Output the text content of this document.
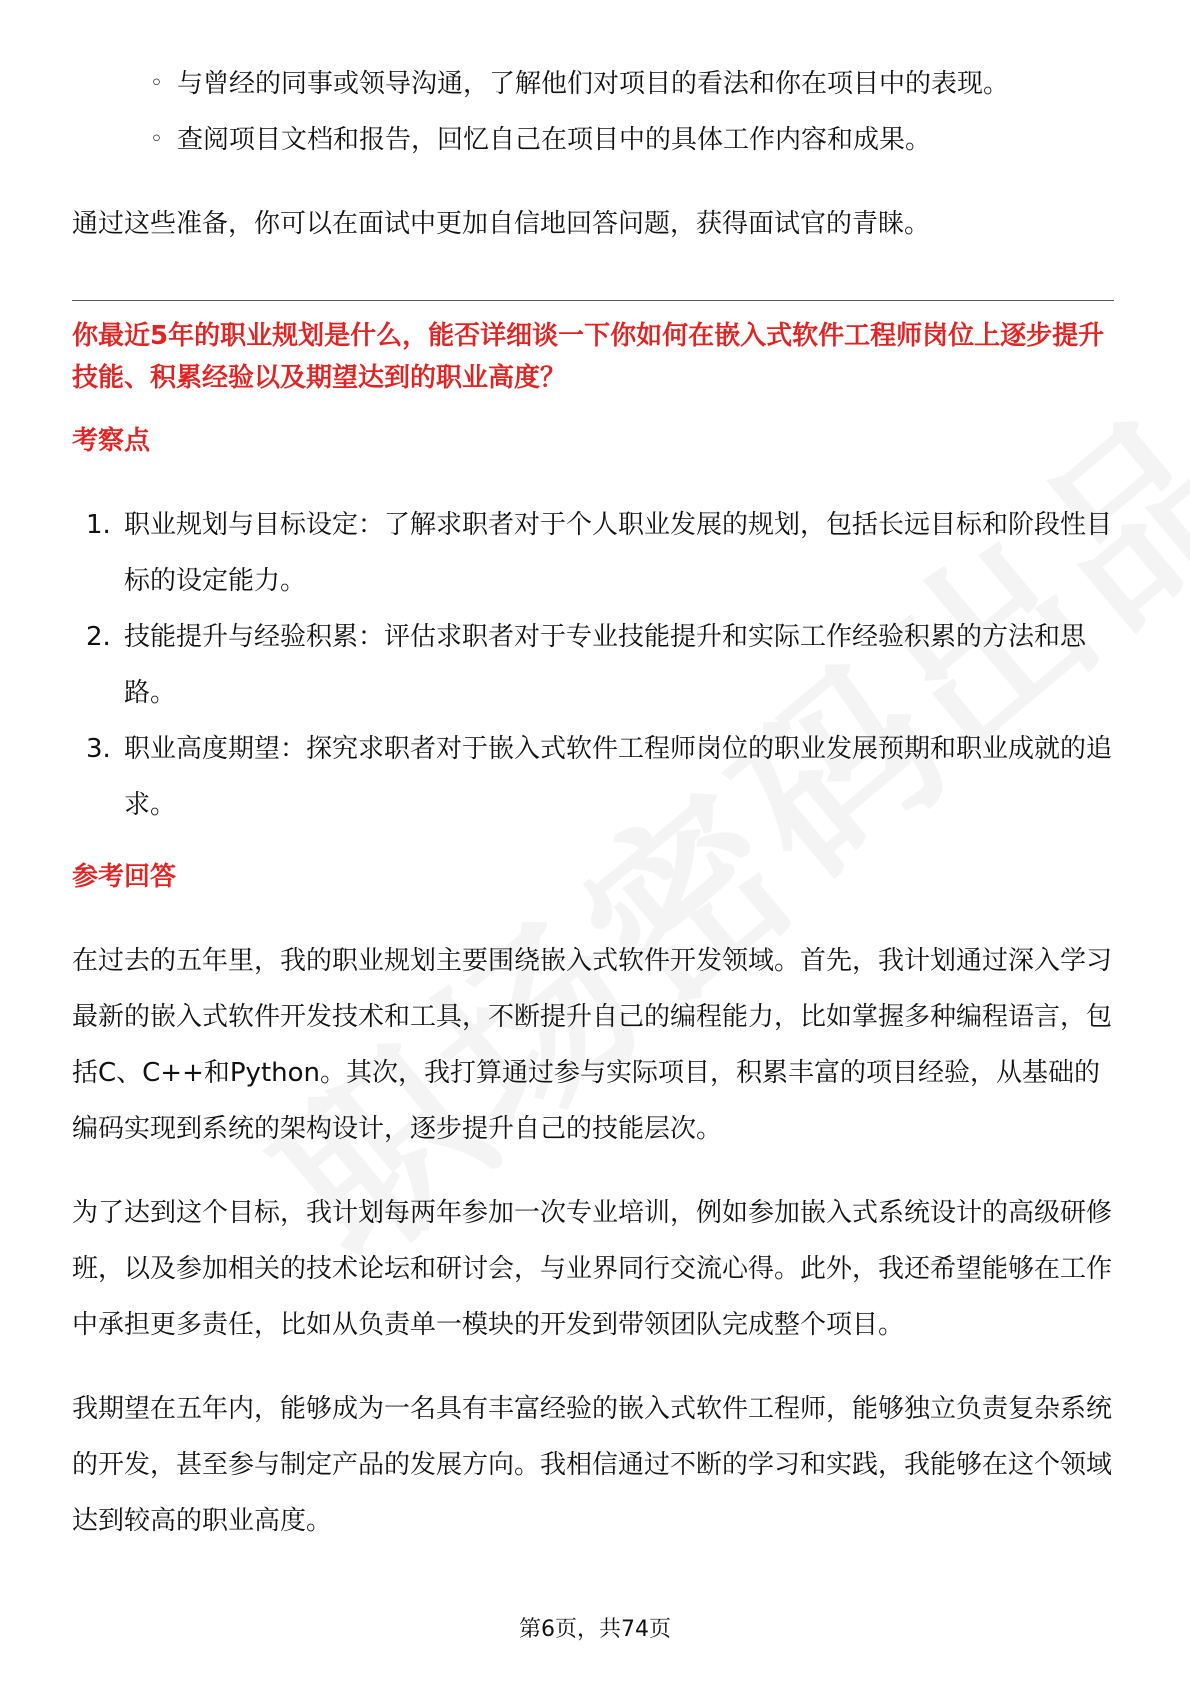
◦ 与曾经的同事或领导沟通，了解他们对项目的看法和你在项目中的表现。
◦ 查阅项目文档和报告，回忆自己在项目中的具体工作内容和成果。

通过这些准备，你可以在面试中更加自信地回答问题，获得面试官的青睐。

你最近5年的职业规划是什么，能否详细谈一下你如何在嵌入式软件工程师岗位上逐步提升技能、积累经验以及期望达到的职业高度？
考察点
1. 职业规划与目标设定：了解求职者对于个人职业发展的规划，包括长远目标和阶段性目标的设定能力。
2. 技能提升与经验积累：评估求职者对于专业技能提升和实际工作经验积累的方法和思路。
3. 职业高度期望：探究求职者对于嵌入式软件工程师岗位的职业发展预期和职业成就的追求。
参考回答

在过去的五年里，我的职业规划主要围绕嵌入式软件开发领域。首先，我计划通过深入学习最新的嵌入式软件开发技术和工具，不断提升自己的编程能力，比如掌握多种编程语言，包括C、C++和Python。其次，我打算通过参与实际项目，积累丰富的项目经验，从基础的编码实现到系统的架构设计，逐步提升自己的技能层次。

为了达到这个目标，我计划每两年参加一次专业培训，例如参加嵌入式系统设计的高级研修班，以及参加相关的技术论坛和研讨会，与业界同行交流心得。此外，我还希望能够在工作中承担更多责任，比如从负责单一模块的开发到带领团队完成整个项目。

我期望在五年内，能够成为一名具有丰富经验的嵌入式软件工程师，能够独立负责复杂系统的开发，甚至参与制定产品的发展方向。我相信通过不断的学习和实践，我能够在这个领域达到较高的职业高度。

第6页，共74页
